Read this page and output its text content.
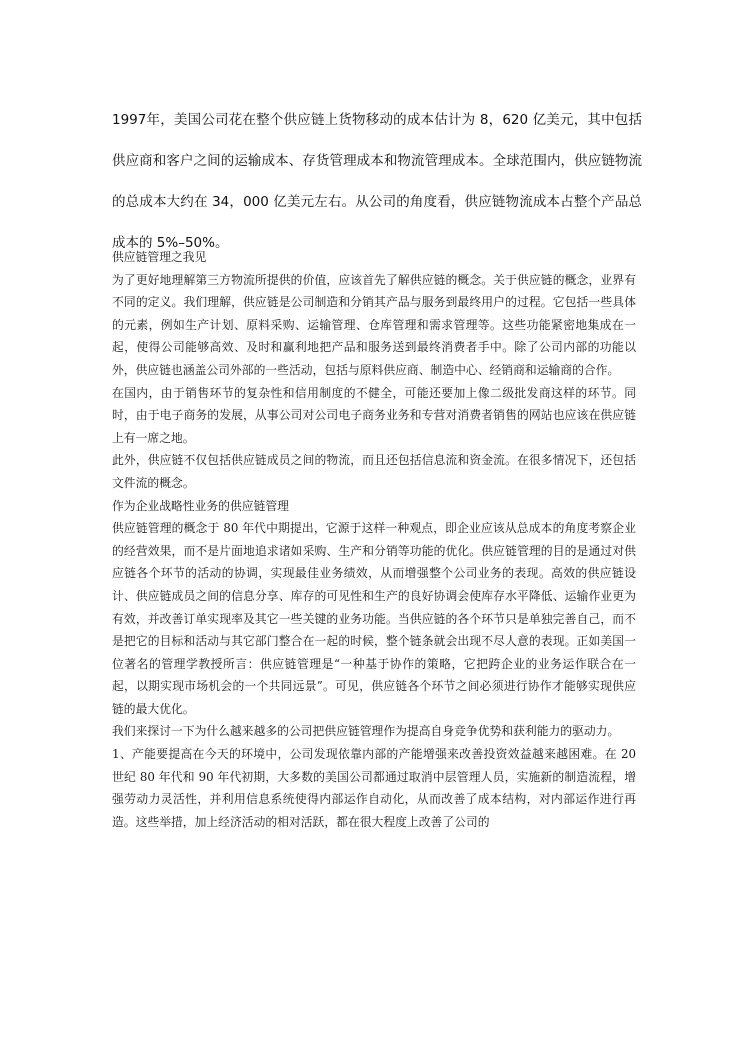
1997年，美国公司花在整个供应链上货物移动的成本估计为 8，620 亿美元，其中包括供应商和客户之间的运输成本、存货管理成本和物流管理成本。全球范围内，供应链物流的总成本大约在 34，000 亿美元左右。从公司的角度看，供应链物流成本占整个产品总成本的 5%–50%。

供应链管理之我见

为了更好地理解第三方物流所提供的价值，应该首先了解供应链的概念。关于供应链的概念，业界有不同的定义。我们理解，供应链是公司制造和分销其产品与服务到最终用户的过程。它包括一些具体的元素，例如生产计划、原料采购、运输管理、仓库管理和需求管理等。这些功能紧密地集成在一起，使得公司能够高效、及时和赢利地把产品和服务送到最终消费者手中。除了公司内部的功能以外，供应链也涵盖公司外部的一些活动，包括与原料供应商、制造中心、经销商和运输商的合作。

在国内，由于销售环节的复杂性和信用制度的不健全，可能还要加上像二级批发商这样的环节。同时，由于电子商务的发展，从事公司对公司电子商务业务和专营对消费者销售的网站也应该在供应链上有一席之地。

此外，供应链不仅包括供应链成员之间的物流，而且还包括信息流和资金流。在很多情况下，还包括文件流的概念。

作为企业战略性业务的供应链管理

供应链管理的概念于 80 年代中期提出，它源于这样一种观点，即企业应该从总成本的角度考察企业的经营效果，而不是片面地追求诸如采购、生产和分销等功能的优化。供应链管理的目的是通过对供应链各个环节的活动的协调，实现最佳业务绩效，从而增强整个公司业务的表现。高效的供应链设计、供应链成员之间的信息分享、库存的可见性和生产的良好协调会使库存水平降低、运输作业更为有效，并改善订单实现率及其它一些关键的业务功能。当供应链的各个环节只是单独完善自己，而不是把它的目标和活动与其它部门整合在一起的时候，整个链条就会出现不尽人意的表现。正如美国一位著名的管理学教授所言：供应链管理是“一种基于协作的策略，它把跨企业的业务运作联合在一起，以期实现市场机会的一个共同远景”。可见，供应链各个环节之间必须进行协作才能够实现供应链的最大优化。

我们来探讨一下为什么越来越多的公司把供应链管理作为提高自身竞争优势和获利能力的驱动力。

1、产能要提高在今天的环境中，公司发现依靠内部的产能增强来改善投资效益越来越困难。在 20 世纪 80 年代和 90 年代初期，大多数的美国公司都通过取消中层管理人员，实施新的制造流程，增强劳动力灵活性，并利用信息系统使得内部运作自动化，从而改善了成本结构，对内部运作进行再造。这些举措，加上经济活动的相对活跃，都在很大程度上改善了公司的
